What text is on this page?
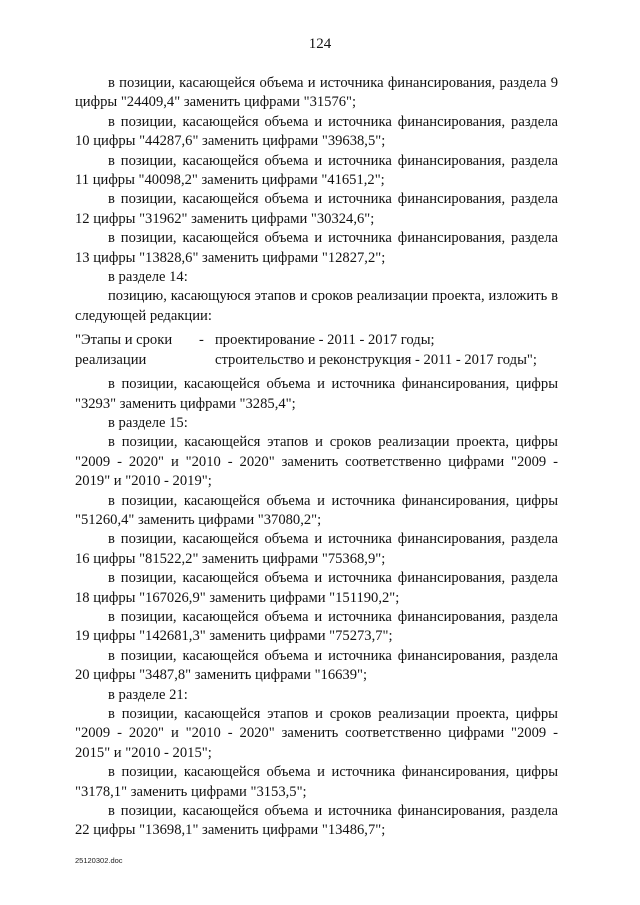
124

в позиции, касающейся объема и источника финансирования, раздела 9 цифры "24409,4" заменить цифрами "31576";

в позиции, касающейся объема и источника финансирования, раздела 10 цифры "44287,6" заменить цифрами "39638,5";

в позиции, касающейся объема и источника финансирования, раздела 11 цифры "40098,2" заменить цифрами "41651,2";

в позиции, касающейся объема и источника финансирования, раздела 12 цифры "31962" заменить цифрами "30324,6";

в позиции, касающейся объема и источника финансирования, раздела 13 цифры "13828,6" заменить цифрами "12827,2";

в разделе 14:

позицию, касающуюся этапов и сроков реализации проекта, изложить в следующей редакции:

"Этапы и сроки	- проектирование - 2011 - 2017 годы;
реализации	строительство и реконструкция - 2011 - 2017 годы";

в позиции, касающейся объема и источника финансирования, цифры "3293" заменить цифрами "3285,4";

в разделе 15:

в позиции, касающейся этапов и сроков реализации проекта, цифры "2009 - 2020" и "2010 - 2020" заменить соответственно цифрами "2009 - 2019" и "2010 - 2019";

в позиции, касающейся объема и источника финансирования, цифры "51260,4" заменить цифрами "37080,2";

в позиции, касающейся объема и источника финансирования, раздела 16 цифры "81522,2" заменить цифрами "75368,9";

в позиции, касающейся объема и источника финансирования, раздела 18 цифры "167026,9" заменить цифрами "151190,2";

в позиции, касающейся объема и источника финансирования, раздела 19 цифры "142681,3" заменить цифрами "75273,7";

в позиции, касающейся объема и источника финансирования, раздела 20 цифры "3487,8" заменить цифрами "16639";

в разделе 21:

в позиции, касающейся этапов и сроков реализации проекта, цифры "2009 - 2020" и "2010 - 2020" заменить соответственно цифрами "2009 - 2015" и "2010 - 2015";

в позиции, касающейся объема и источника финансирования, цифры "3178,1" заменить цифрами "3153,5";

в позиции, касающейся объема и источника финансирования, раздела 22 цифры "13698,1" заменить цифрами "13486,7";

25120302.doc
